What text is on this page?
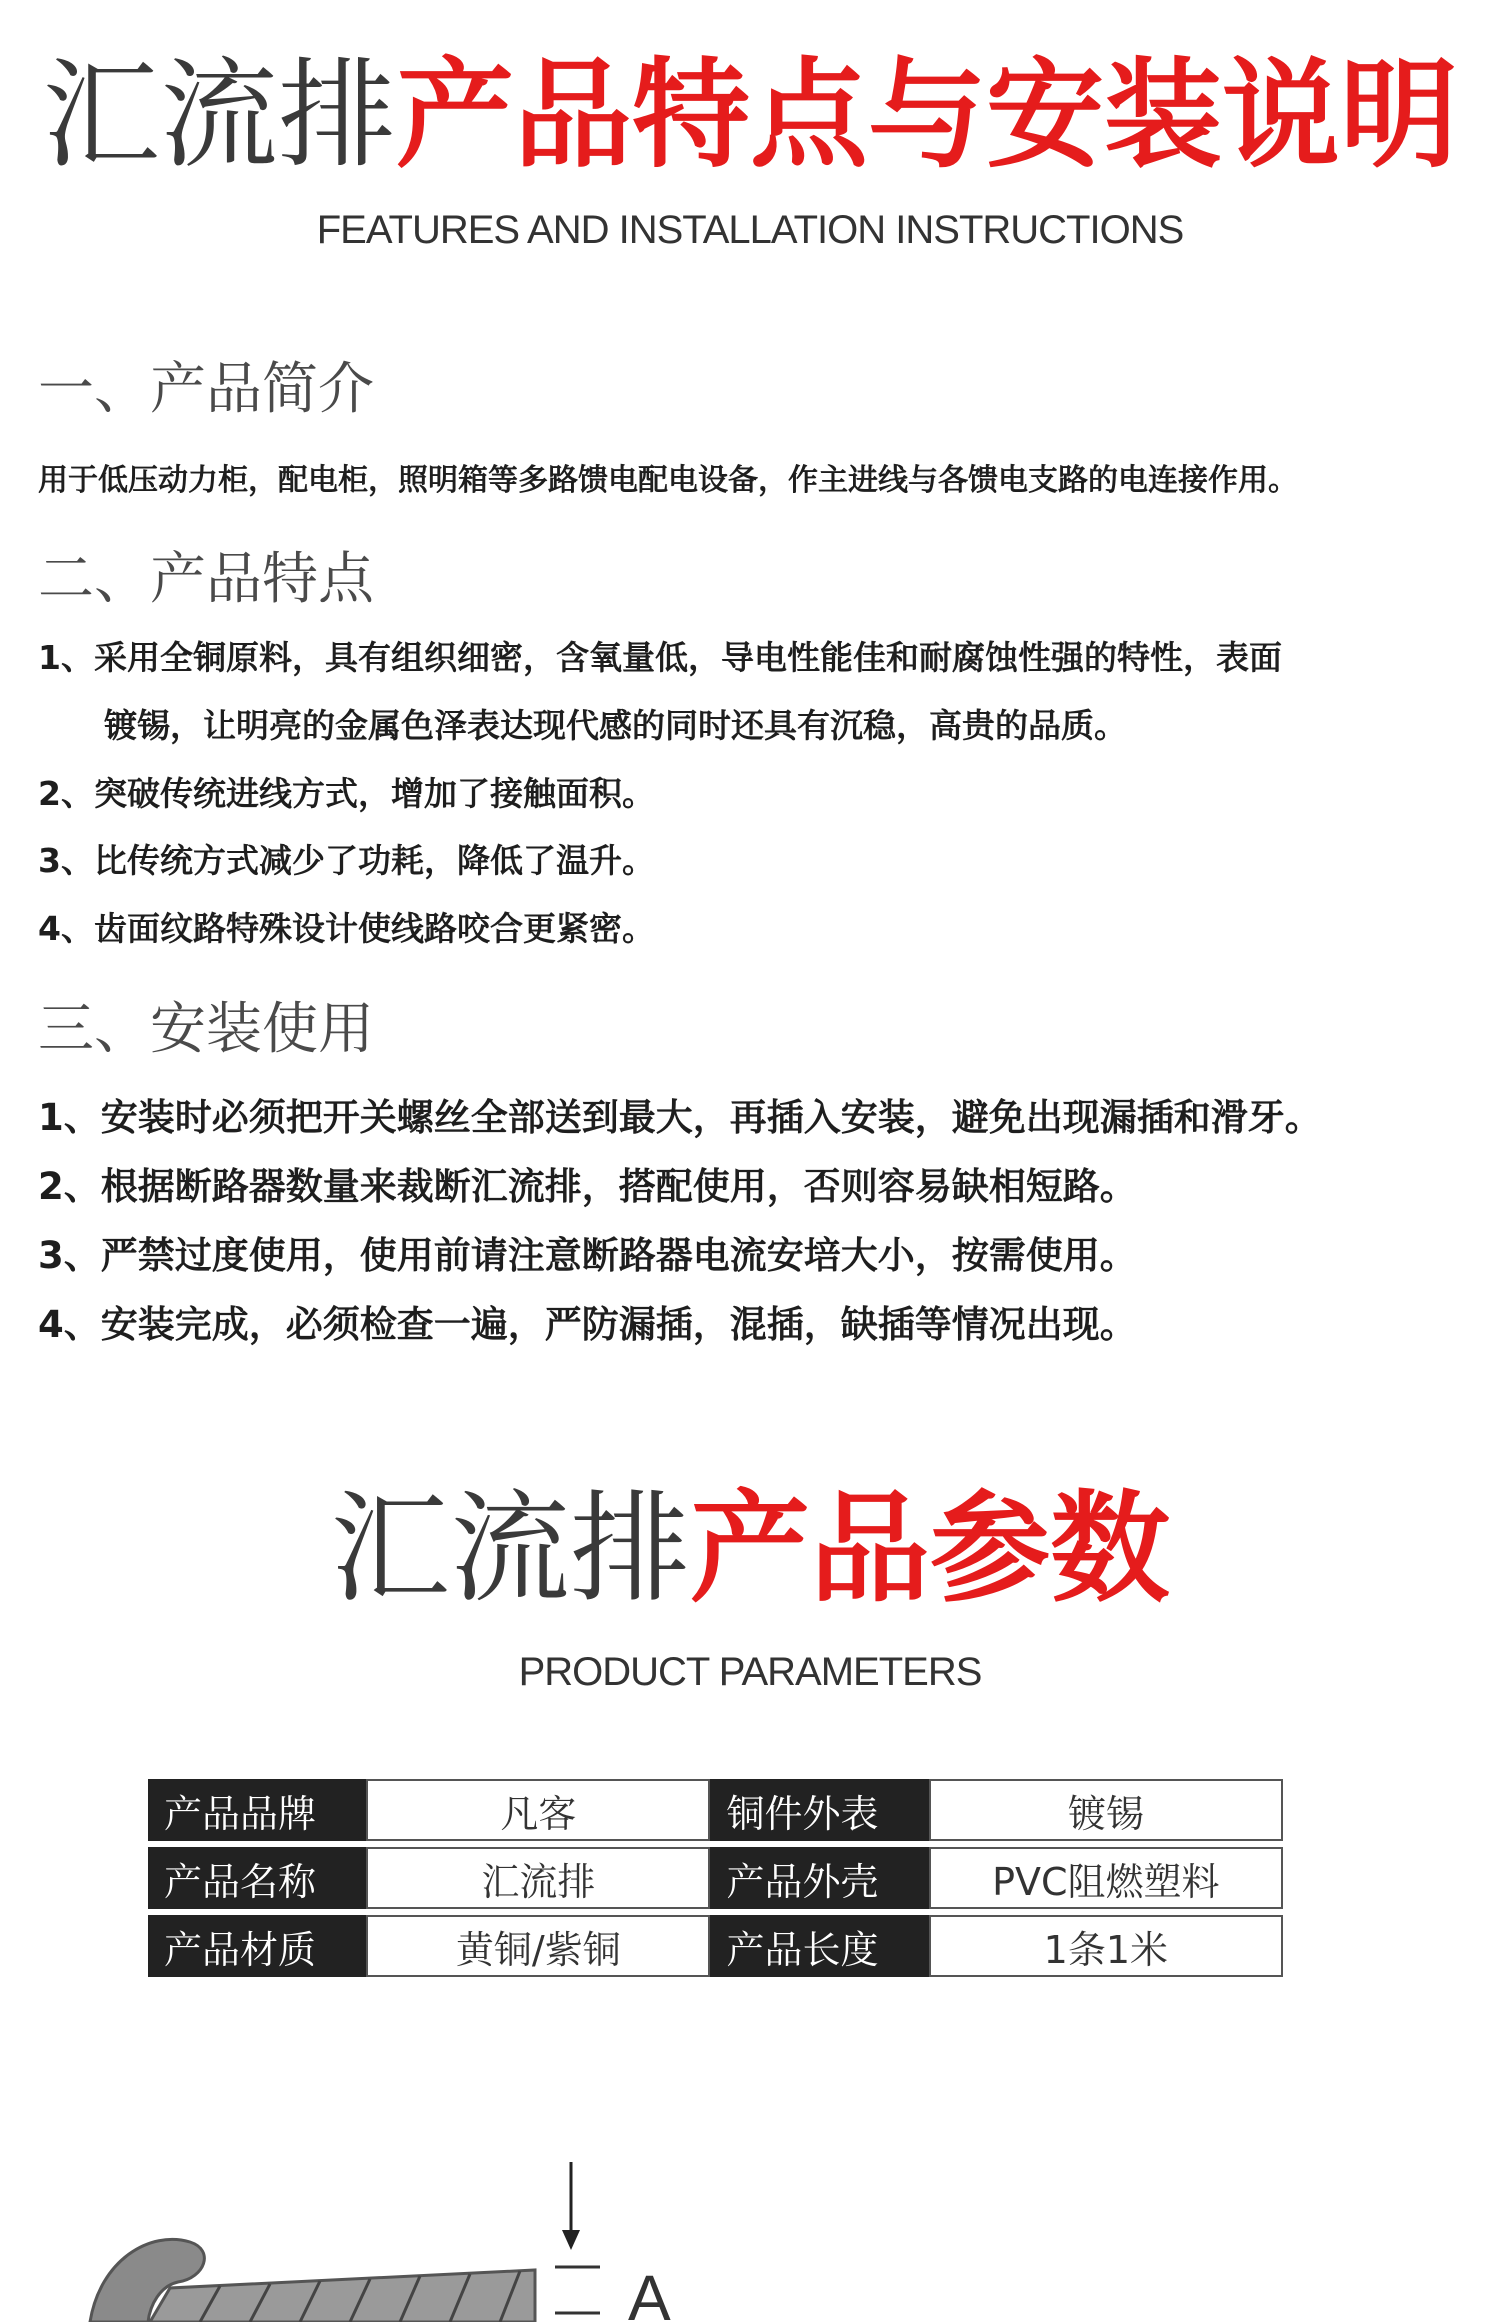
汇流排产品特点与安装说明
FEATURES AND INSTALLATION INSTRUCTIONS
一、产品简介
用于低压动力柜，配电柜，照明箱等多路馈电配电设备，作主进线与各馈电支路的电连接作用。
二、产品特点
1、采用全铜原料，具有组织细密，含氧量低，导电性能佳和耐腐蚀性强的特性，表面
镀锡，让明亮的金属色泽表达现代感的同时还具有沉稳，高贵的品质。
2、突破传统进线方式，增加了接触面积。
3、比传统方式减少了功耗，降低了温升。
4、齿面纹路特殊设计使线路咬合更紧密。
三、安装使用
1、安装时必须把开关螺丝全部送到最大，再插入安装，避免出现漏插和滑牙。
2、根据断路器数量来裁断汇流排，搭配使用，否则容易缺相短路。
3、严禁过度使用，使用前请注意断路器电流安培大小，按需使用。
4、安装完成，必须检查一遍，严防漏插，混插，缺插等情况出现。
汇流排产品参数
PRODUCT PARAMETERS
产品品牌	凡客	铜件外表	镀锡
产品名称	汇流排	产品外壳	PVC阻燃塑料
产品材质	黄铜/紫铜	产品长度	1条1米
A
